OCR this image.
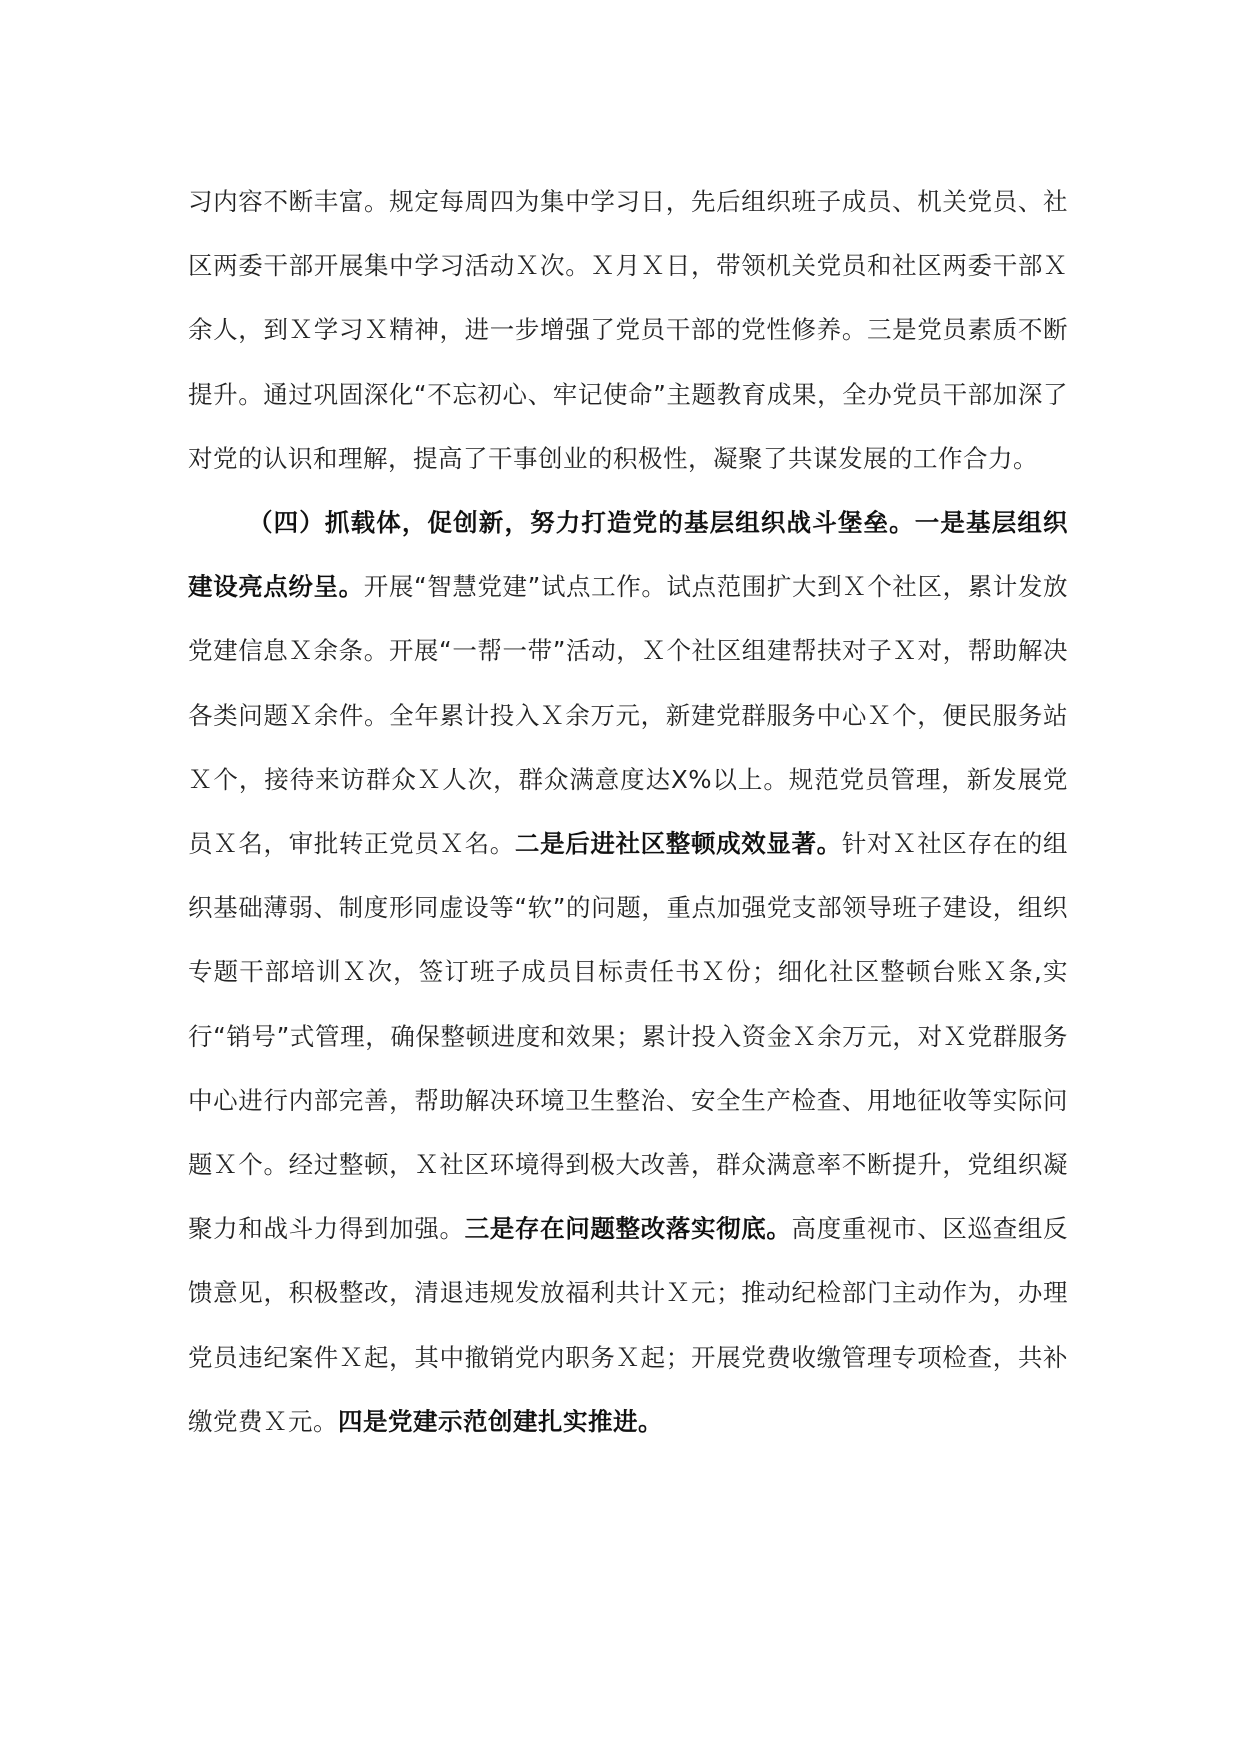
习内容不断丰富。规定每周四为集中学习日，先后组织班子成员、机关党员、社区两委干部开展集中学习活动Ｘ次。Ｘ月Ｘ日，带领机关党员和社区两委干部Ｘ余人，到Ｘ学习Ｘ精神，进一步增强了党员干部的党性修养。三是党员素质不断提升。通过巩固深化“不忘初心、牢记使命”主题教育成果，全办党员干部加深了对党的认识和理解，提高了干事创业的积极性，凝聚了共谋发展的工作合力。

（四）抓载体，促创新，努力打造党的基层组织战斗堡垒。一是基层组织建设亮点纷呈。开展“智慧党建”试点工作。试点范围扩大到Ｘ个社区，累计发放党建信息Ｘ余条。开展“一帮一带”活动，Ｘ个社区组建帮扶对子Ｘ对，帮助解决各类问题Ｘ余件。全年累计投入Ｘ余万元，新建党群服务中心Ｘ个，便民服务站Ｘ个，接待来访群众Ｘ人次，群众满意度达X%以上。规范党员管理，新发展党员Ｘ名，审批转正党员Ｘ名。二是后进社区整顿成效显著。针对Ｘ社区存在的组织基础薄弱、制度形同虚设等“软”的问题，重点加强党支部领导班子建设，组织专题干部培训Ｘ次，签订班子成员目标责任书Ｘ份；细化社区整顿台账Ｘ条,实行“销号”式管理，确保整顿进度和效果；累计投入资金Ｘ余万元，对Ｘ党群服务中心进行内部完善，帮助解决环境卫生整治、安全生产检查、用地征收等实际问题Ｘ个。经过整顿，Ｘ社区环境得到极大改善，群众满意率不断提升，党组织凝聚力和战斗力得到加强。三是存在问题整改落实彻底。高度重视市、区巡查组反馈意见，积极整改，清退违规发放福利共计Ｘ元；推动纪检部门主动作为，办理党员违纪案件Ｘ起，其中撤销党内职务Ｘ起；开展党费收缴管理专项检查，共补缴党费Ｘ元。四是党建示范创建扎实推进。
